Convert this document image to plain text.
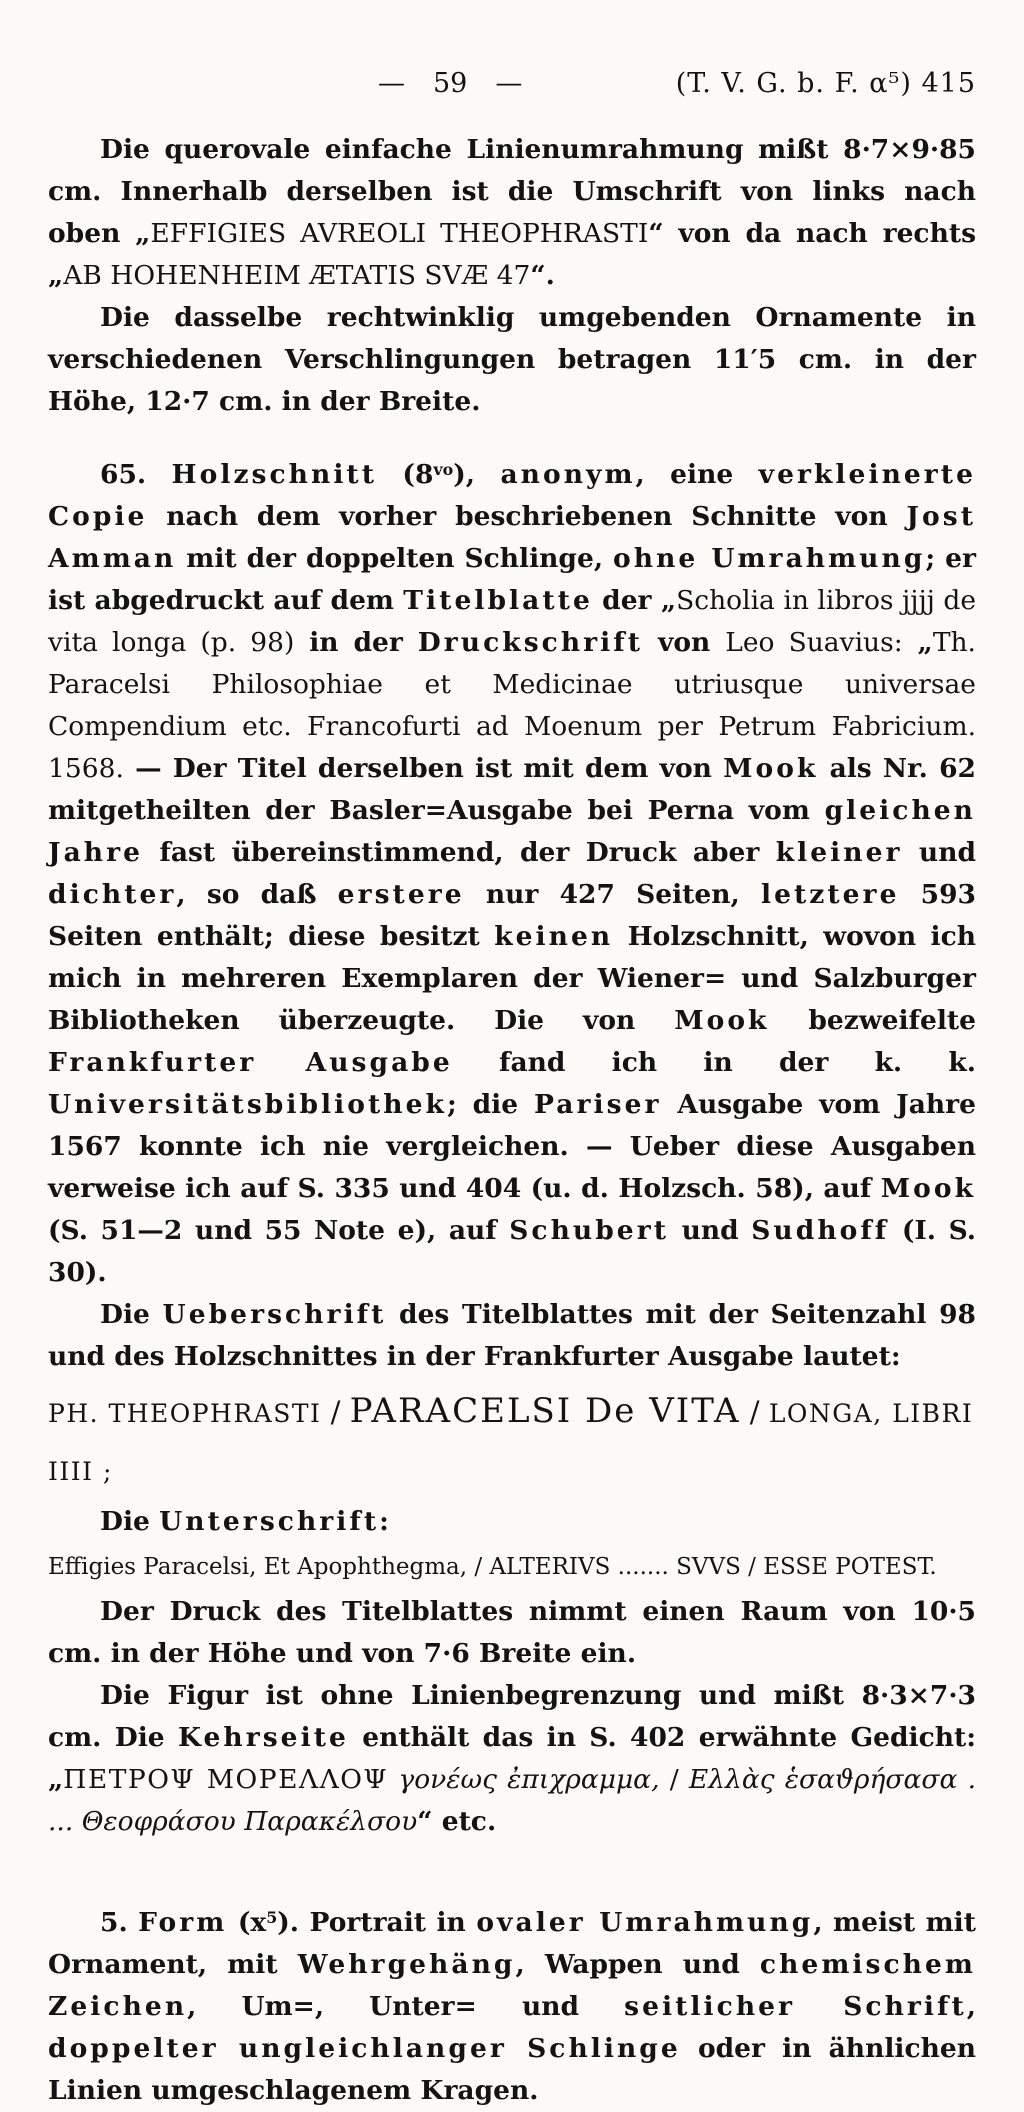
—	59	—	(T. V. G. b. F. α⁵) 415

Die querovale einfache Linienumrahmung mißt 8·7×9·85 cm. Innerhalb derselben ist die Umschrift von links nach oben „EFFIGIES AVREOLI THEOPHRASTI“ von da nach rechts „AB HOHENHEIM ÆTATIS SVÆ 47“.

Die dasselbe rechtwinklig umgebenden Ornamente in verschiedenen Verschlingungen betragen 11′5 cm. in der Höhe, 12·7 cm. in der Breite.

65. Holzschnitt $(8^{vo})$, anonym, eine verkleinerte Copie nach dem vorher beschriebenen Schnitte von Jost Amman mit der doppelten Schlinge, ohne Umrahmung; er ist abgedruckt auf dem Titelblatte der „Scholia in libros jjjj de vita longa (p. 98) in der Druckschrift von Leo Suavius: „Th. Paracelsi Philosophiae et Medicinae utriusque universae Compendium etc. Francofurti ad Moenum per Petrum Fabricium. 1568. — Der Titel derselben ist mit dem von Mook als Nr. 62 mitgetheilten der Basler=Ausgabe bei Perna vom gleichen Jahre fast übereinstimmend, der Druck aber kleiner und dichter, so daß erstere nur 427 Seiten, letztere 593 Seiten enthält; diese besitzt keinen Holzschnitt, wovon ich mich in mehreren Exemplaren der Wiener= und Salzburger Bibliotheken überzeugte. Die von Mook bezweifelte Frankfurter Ausgabe fand ich in der k. k. Universitätsbibliothek; die Pariser Ausgabe vom Jahre 1567 konnte ich nie vergleichen. — Ueber diese Ausgaben verweise ich auf S. 335 und 404 (u. d. Holzsch. 58), auf Mook (S. 51—2 und 55 Note e), auf Schubert und Sudhoff (I. S. 30).

Die Ueberschrift des Titelblattes mit der Seitenzahl 98 und des Holzschnittes in der Frankfurter Ausgabe lautet:

PH. THEOPHRASTI / PARACELSI De VITA / LONGA, LIBRI IIII ;

Die Unterschrift:

Effigies Paracelsi, Et Apophthegma, / ALTERIVS ....... SVVS / ESSE POTEST.

Der Druck des Titelblattes nimmt einen Raum von 10·5 cm. in der Höhe und von 7·6 Breite ein.

Die Figur ist ohne Linienbegrenzung und mißt 8·3×7·3 cm. Die Kehrseite enthält das in S. 402 erwähnte Gedicht: „ΠΕΤΡΟΨ ΜΟΡΕΛΛΟΨ γονέως ἐπιχραμμα, / Ελλὰς ἑσαϑρήσασα . ... Θεοφράσου Παρακέλσου“ etc.

5. Form $(x^5)$. Portrait in ovaler Umrahmung, meist mit Ornament, mit Wehrgehäng, Wappen und chemischem Zeichen, Um=, Unter= und seitlicher Schrift, doppelter ungleichlanger Schlinge oder in ähnlichen Linien umgeschlagenem Kragen.
